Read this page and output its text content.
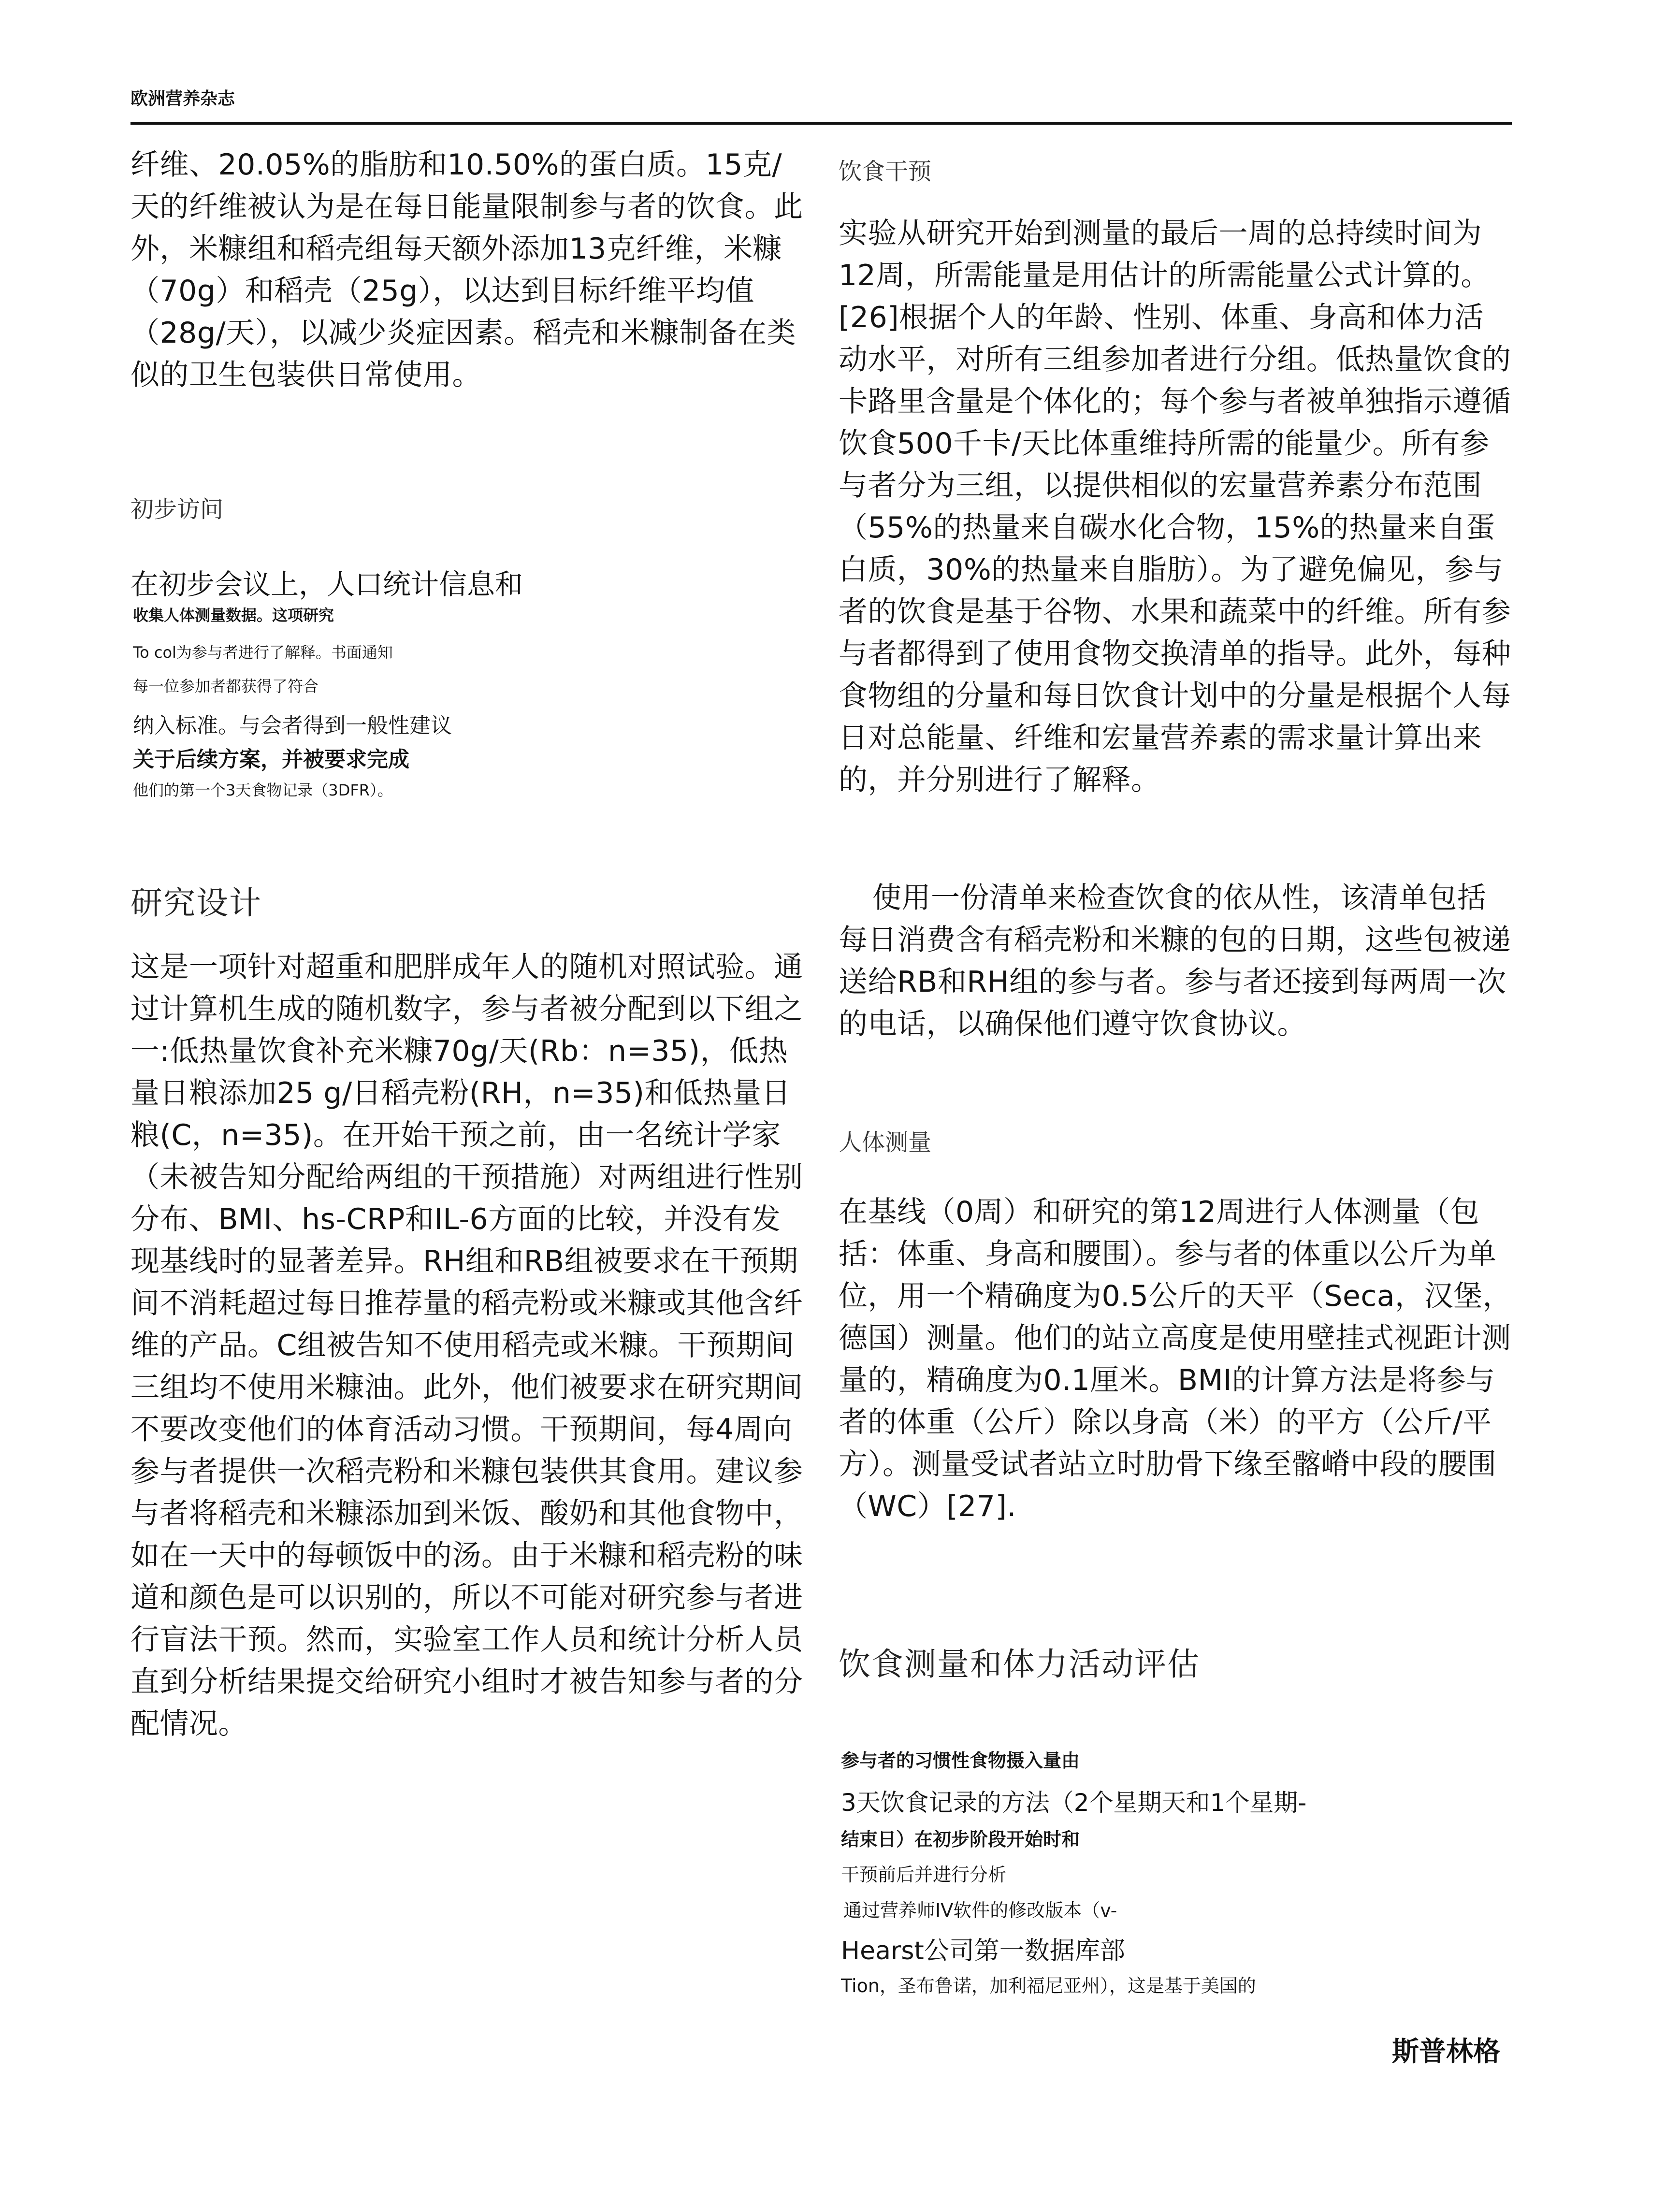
欧洲营养杂志

纤维、20.05%的脂肪和10.50%的蛋白质。15克/天的纤维被认为是在每日能量限制参与者的饮食。此外，米糠组和稻壳组每天额外添加13克纤维，米糠（70g）和稻壳（25g），以达到目标纤维平均值（28g/天），以减少炎症因素。稻壳和米糠制备在类似的卫生包装供日常使用。

初步访问
在初步会议上，人口统计信息和
收集人体测量数据。这项研究
To col为参与者进行了解释。书面通知
每一位参加者都获得了符合
纳入标准。与会者得到一般性建议
关于后续方案，并被要求完成
他们的第一个3天食物记录（3DFR）。
研究设计

这是一项针对超重和肥胖成年人的随机对照试验。通过计算机生成的随机数字，参与者被分配到以下组之一:低热量饮食补充米糠70g/天(Rb：n=35)，低热量日粮添加25 g/日稻壳粉(RH，n=35)和低热量日粮(C，n=35)。在开始干预之前，由一名统计学家（未被告知分配给两组的干预措施）对两组进行性别分布、BMI、hs-CRP和IL-6方面的比较，并没有发现基线时的显著差异。RH组和RB组被要求在干预期间不消耗超过每日推荐量的稻壳粉或米糠或其他含纤维的产品。C组被告知不使用稻壳或米糠。干预期间三组均不使用米糠油。此外，他们被要求在研究期间不要改变他们的体育活动习惯。干预期间，每4周向参与者提供一次稻壳粉和米糠包装供其食用。建议参与者将稻壳和米糠添加到米饭、酸奶和其他食物中，如在一天中的每顿饭中的汤。由于米糠和稻壳粉的味道和颜色是可以识别的，所以不可能对研究参与者进行盲法干预。然而，实验室工作人员和统计分析人员直到分析结果提交给研究小组时才被告知参与者的分配情况。

饮食干预

实验从研究开始到测量的最后一周的总持续时间为12周，所需能量是用估计的所需能量公式计算的。[26]根据个人的年龄、性别、体重、身高和体力活动水平，对所有三组参加者进行分组。低热量饮食的卡路里含量是个体化的；每个参与者被单独指示遵循饮食500千卡/天比体重维持所需的能量少。所有参与者分为三组，以提供相似的宏量营养素分布范围（55%的热量来自碳水化合物，15%的热量来自蛋白质，30%的热量来自脂肪）。为了避免偏见，参与者的饮食是基于谷物、水果和蔬菜中的纤维。所有参与者都得到了使用食物交换清单的指导。此外，每种食物组的分量和每日饮食计划中的分量是根据个人每日对总能量、纤维和宏量营养素的需求量计算出来的，并分别进行了解释。

使用一份清单来检查饮食的依从性，该清单包括每日消费含有稻壳粉和米糠的包的日期，这些包被递送给RB和RH组的参与者。参与者还接到每两周一次的电话，以确保他们遵守饮食协议。

人体测量

在基线（0周）和研究的第12周进行人体测量（包括：体重、身高和腰围）。参与者的体重以公斤为单位，用一个精确度为0.5公斤的天平（Seca，汉堡，德国）测量。他们的站立高度是使用壁挂式视距计测量的，精确度为0.1厘米。BMI的计算方法是将参与者的体重（公斤）除以身高（米）的平方（公斤/平方）。测量受试者站立时肋骨下缘至髂嵴中段的腰围（WC）[27].

饮食测量和体力活动评估
参与者的习惯性食物摄入量由
3天饮食记录的方法（2个星期天和1个星期-
结束日）在初步阶段开始时和
干预前后并进行分析
通过营养师IV软件的修改版本（v-
Hearst公司第一数据库部
Tion，圣布鲁诺，加利福尼亚州），这是基于美国的
斯普林格
